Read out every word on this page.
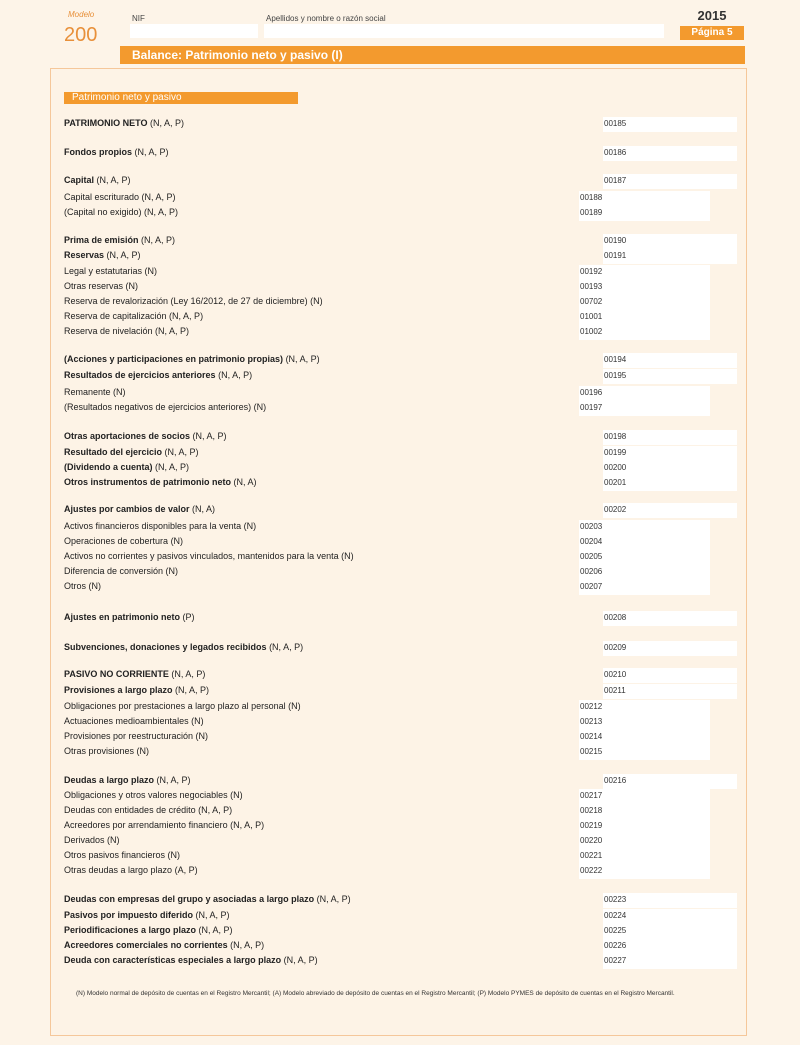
Modelo
200
NIF	Apellidos y nombre o razón social	2015
Página 5
Balance: Patrimonio neto y pasivo (I)
Patrimonio neto y pasivo
PATRIMONIO NETO (N, A, P)	00185
Fondos propios (N, A, P)	00186
Capital (N, A, P)	00187
Capital escriturado (N, A, P)	00188
(Capital no exigido) (N, A, P)	00189
Prima de emisión (N, A, P)	00190
Reservas (N, A, P)	00191
Legal y estatutarias (N)	00192
Otras reservas (N)	00193
Reserva de revalorización (Ley 16/2012, de 27 de diciembre) (N)	00702
Reserva de capitalización (N, A, P)	01001
Reserva de nivelación (N, A, P)	01002
(Acciones y participaciones en patrimonio propias) (N, A, P)	00194
Resultados de ejercicios anteriores (N, A, P)	00195
Remanente (N)	00196
(Resultados negativos de ejercicios anteriores) (N)	00197
Otras aportaciones de socios (N, A, P)	00198
Resultado del ejercicio (N, A, P)	00199
(Dividendo a cuenta) (N, A, P)	00200
Otros instrumentos de patrimonio neto (N, A)	00201
Ajustes por cambios de valor (N, A)	00202
Activos financieros disponibles para la venta (N)	00203
Operaciones de cobertura (N)	00204
Activos no corrientes y pasivos vinculados, mantenidos para la venta (N)	00205
Diferencia de conversión (N)	00206
Otros (N)	00207
Ajustes en patrimonio neto (P)	00208
Subvenciones, donaciones y legados recibidos (N, A, P)	00209
PASIVO NO CORRIENTE (N, A, P)	00210
Provisiones a largo plazo (N, A, P)	00211
Obligaciones por prestaciones a largo plazo al personal (N)	00212
Actuaciones medioambientales (N)	00213
Provisiones por reestructuración (N)	00214
Otras provisiones (N)	00215
Deudas a largo plazo (N, A, P)	00216
Obligaciones y otros valores negociables (N)	00217
Deudas con entidades de crédito (N, A, P)	00218
Acreedores por arrendamiento financiero (N, A, P)	00219
Derivados (N)	00220
Otros pasivos financieros (N)	00221
Otras deudas a largo plazo (A, P)	00222
Deudas con empresas del grupo y asociadas a largo plazo (N, A, P)	00223
Pasivos por impuesto diferido (N, A, P)	00224
Periodificaciones a largo plazo (N, A, P)	00225
Acreedores comerciales no corrientes (N, A, P)	00226
Deuda con características especiales a largo plazo (N, A, P)	00227
(N) Modelo normal de depósito de cuentas en el Registro Mercantil; (A) Modelo abreviado de depósito de cuentas en el Registro Mercantil; (P) Modelo PYMES de depósito de cuentas en el Registro Mercantil.
